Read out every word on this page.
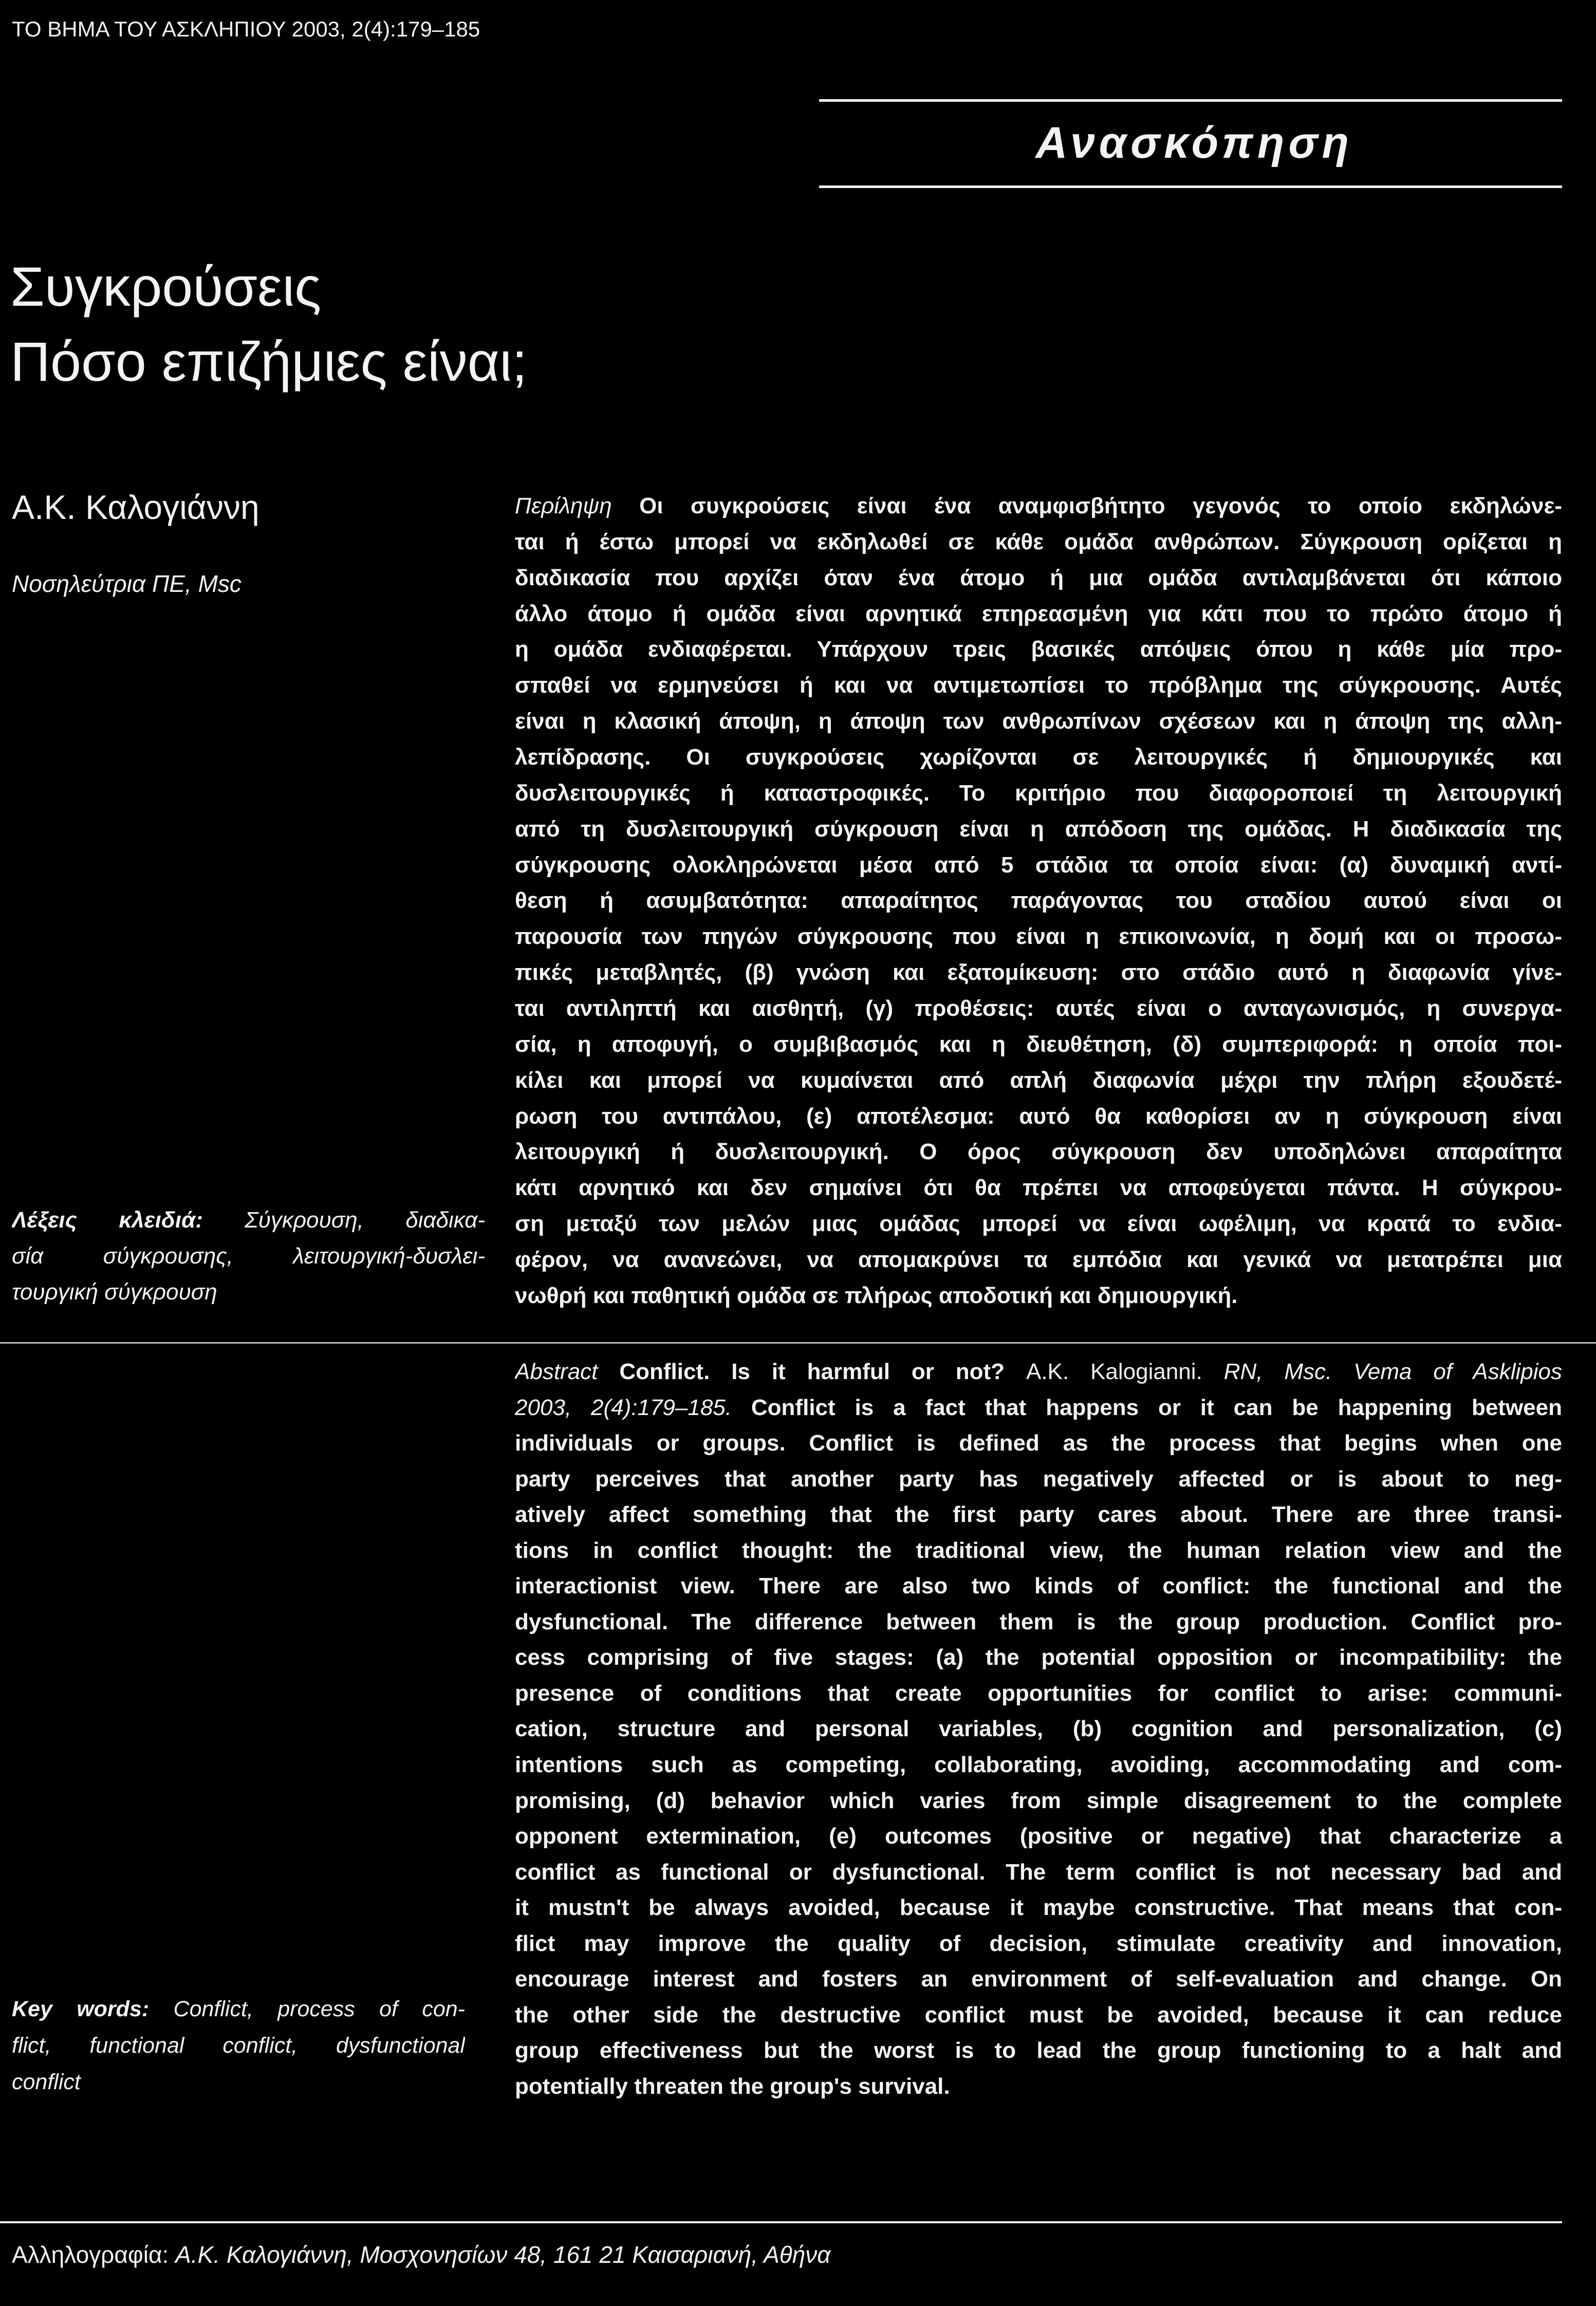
ΤΟ ΒΗΜΑ ΤΟΥ ΑΣΚΛΗΠΙΟΥ 2003, 2(4):179–185
Ανασκόπηση
Συγκρούσεις
Πόσο επιζήμιες είναι;
Α.Κ. Καλογιάννη
Νοσηλεύτρια ΠΕ, Msc
Περίληψη Οι συγκρούσεις είναι ένα αναμφισβήτητο γεγονός το οποίο εκδηλώνε-
ται ή έστω μπορεί να εκδηλωθεί σε κάθε ομάδα ανθρώπων. Σύγκρουση ορίζεται η
διαδικασία που αρχίζει όταν ένα άτομο ή μια ομάδα αντιλαμβάνεται ότι κάποιο
άλλο άτομο ή ομάδα είναι αρνητικά επηρεασμένη για κάτι που το πρώτο άτομο ή
η ομάδα ενδιαφέρεται. Υπάρχουν τρεις βασικές απόψεις όπου η κάθε μία προ-
σπαθεί να ερμηνεύσει ή και να αντιμετωπίσει το πρόβλημα της σύγκρουσης. Αυτές
είναι η κλασική άποψη, η άποψη των ανθρωπίνων σχέσεων και η άποψη της αλλη-
λεπίδρασης. Οι συγκρούσεις χωρίζονται σε λειτουργικές ή δημιουργικές και
δυσλειτουργικές ή καταστροφικές. Το κριτήριο που διαφοροποιεί τη λειτουργική
από τη δυσλειτουργική σύγκρουση είναι η απόδοση της ομάδας. Η διαδικασία της
σύγκρουσης ολοκληρώνεται μέσα από 5 στάδια τα οποία είναι: (α) δυναμική αντί-
θεση ή ασυμβατότητα: απαραίτητος παράγοντας του σταδίου αυτού είναι οι
παρουσία των πηγών σύγκρουσης που είναι η επικοινωνία, η δομή και οι προσω-
πικές μεταβλητές, (β) γνώση και εξατομίκευση: στο στάδιο αυτό η διαφωνία γίνε-
ται αντιληπτή και αισθητή, (γ) προθέσεις: αυτές είναι ο ανταγωνισμός, η συνεργα-
σία, η αποφυγή, ο συμβιβασμός και η διευθέτηση, (δ) συμπεριφορά: η οποία ποι-
κίλει και μπορεί να κυμαίνεται από απλή διαφωνία μέχρι την πλήρη εξουδετέ-
ρωση του αντιπάλου, (ε) αποτέλεσμα: αυτό θα καθορίσει αν η σύγκρουση είναι
λειτουργική ή δυσλειτουργική. Ο όρος σύγκρουση δεν υποδηλώνει απαραίτητα
κάτι αρνητικό και δεν σημαίνει ότι θα πρέπει να αποφεύγεται πάντα. Η σύγκρου-
ση μεταξύ των μελών μιας ομάδας μπορεί να είναι ωφέλιμη, να κρατά το ενδια-
φέρον, να ανανεώνει, να απομακρύνει τα εμπόδια και γενικά να μετατρέπει μια
νωθρή και παθητική ομάδα σε πλήρως αποδοτική και δημιουργική.
Λέξεις κλειδιά: Σύγκρουση, διαδικα-
σία σύγκρουσης, λειτουργική-δυσλει-
τουργική σύγκρουση
Abstract Conflict. Is it harmful or not? A.K. Kalogianni. RN, Msc. Vema of Asklipios
2003, 2(4):179–185. Conflict is a fact that happens or it can be happening between
individuals or groups. Conflict is defined as the process that begins when one
party perceives that another party has negatively affected or is about to neg-
atively affect something that the first party cares about. There are three transi-
tions in conflict thought: the traditional view, the human relation view and the
interactionist view. There are also two kinds of conflict: the functional and the
dysfunctional. The difference between them is the group production. Conflict pro-
cess comprising of five stages: (a) the potential opposition or incompatibility: the
presence of conditions that create opportunities for conflict to arise: communi-
cation, structure and personal variables, (b) cognition and personalization, (c)
intentions such as competing, collaborating, avoiding, accommodating and com-
promising, (d) behavior which varies from simple disagreement to the complete
opponent extermination, (e) outcomes (positive or negative) that characterize a
conflict as functional or dysfunctional. The term conflict is not necessary bad and
it mustn't be always avoided, because it maybe constructive. That means that con-
flict may improve the quality of decision, stimulate creativity and innovation,
encourage interest and fosters an environment of self-evaluation and change. On
the other side the destructive conflict must be avoided, because it can reduce
group effectiveness but the worst is to lead the group functioning to a halt and
potentially threaten the group's survival.
Key words: Conflict, process of con-
flict, functional conflict, dysfunctional
conflict
Αλληλογραφία: Α.Κ. Καλογιάννη, Μοσχονησίων 48, 161 21 Καισαριανή, Αθήνα
